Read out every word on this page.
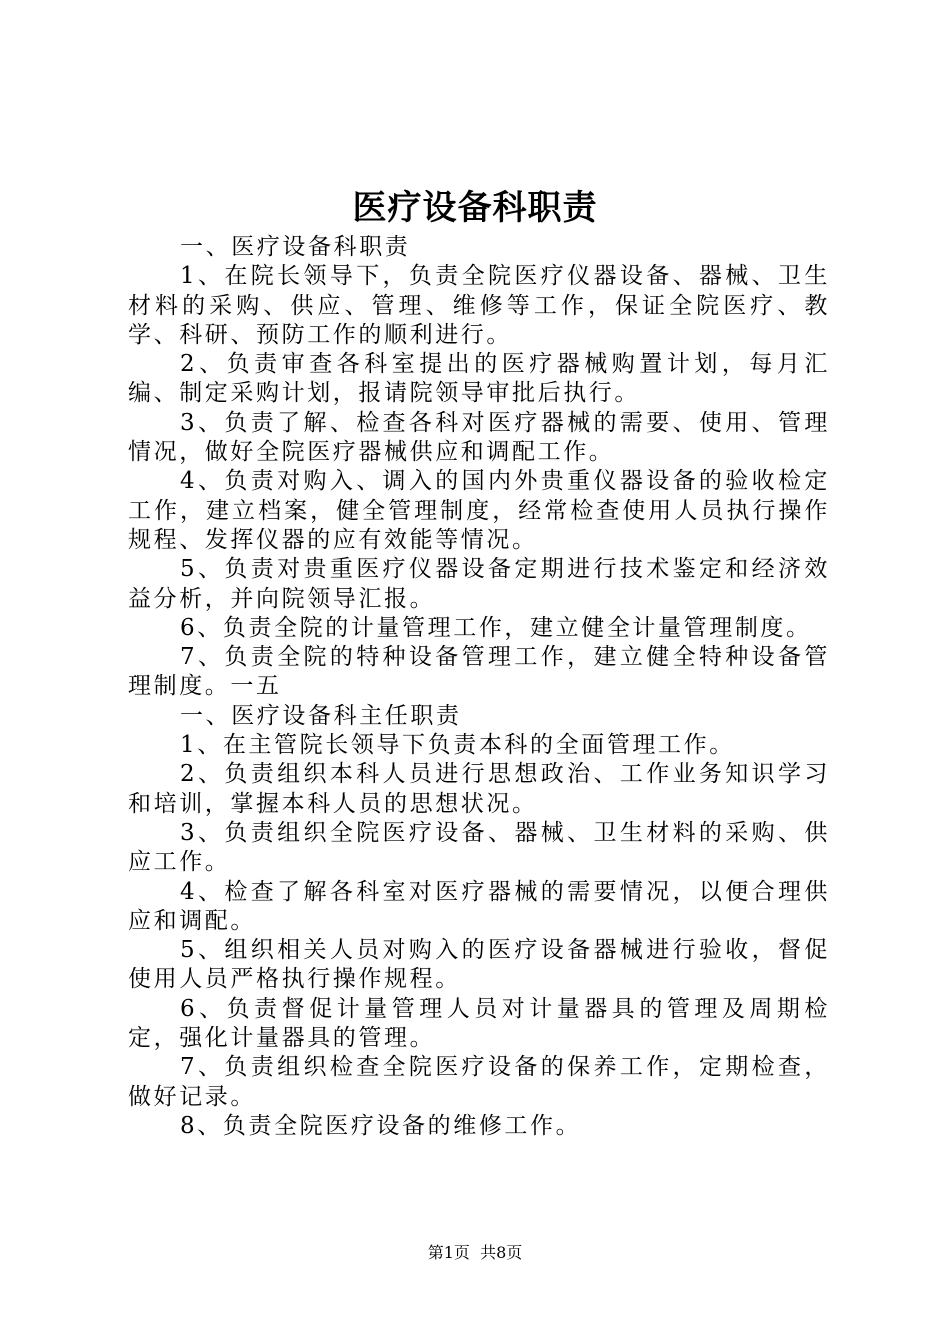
医疗设备科职责

一、医疗设备科职责

1、在院长领导下，负责全院医疗仪器设备、器械、卫生材料的采购、供应、管理、维修等工作，保证全院医疗、教学、科研、预防工作的顺利进行。

2、负责审查各科室提出的医疗器械购置计划，每月汇编、制定采购计划，报请院领导审批后执行。

3、负责了解、检查各科对医疗器械的需要、使用、管理情况，做好全院医疗器械供应和调配工作。

4、负责对购入、调入的国内外贵重仪器设备的验收检定工作，建立档案，健全管理制度，经常检查使用人员执行操作规程、发挥仪器的应有效能等情况。

5、负责对贵重医疗仪器设备定期进行技术鉴定和经济效益分析，并向院领导汇报。

6、负责全院的计量管理工作，建立健全计量管理制度。

7、负责全院的特种设备管理工作，建立健全特种设备管理制度。一五

一、医疗设备科主任职责

1、在主管院长领导下负责本科的全面管理工作。

2、负责组织本科人员进行思想政治、工作业务知识学习和培训，掌握本科人员的思想状况。

3、负责组织全院医疗设备、器械、卫生材料的采购、供应工作。

4、检查了解各科室对医疗器械的需要情况，以便合理供应和调配。

5、组织相关人员对购入的医疗设备器械进行验收，督促使用人员严格执行操作规程。

6、负责督促计量管理人员对计量器具的管理及周期检定，强化计量器具的管理。

7、负责组织检查全院医疗设备的保养工作，定期检查，做好记录。

8、负责全院医疗设备的维修工作。

第1页  共8页
